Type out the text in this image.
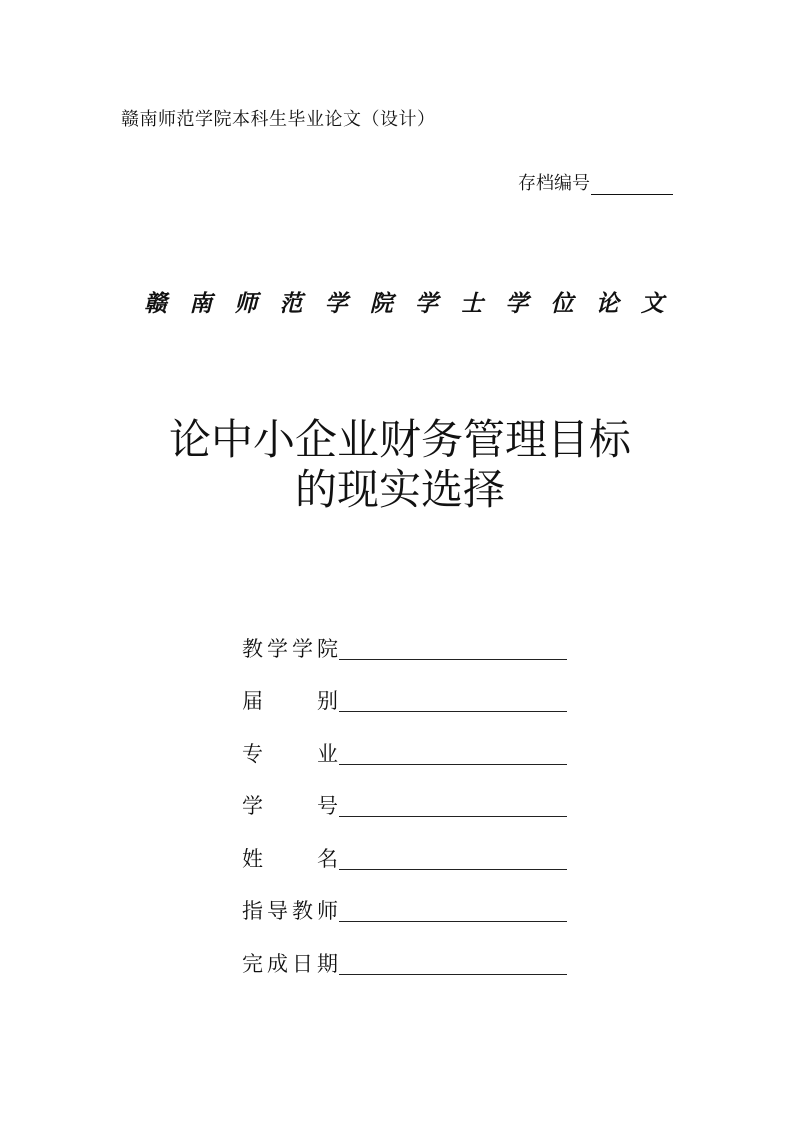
赣南师范学院本科生毕业论文（设计）
存档编号
赣 南 师 范 学 院 学 士 学 位 论 文
论中小企业财务管理目标
的现实选择
教 学 学 院
届	别
专	业
学	号
姓	名
指 导 教 师
完 成 日 期
